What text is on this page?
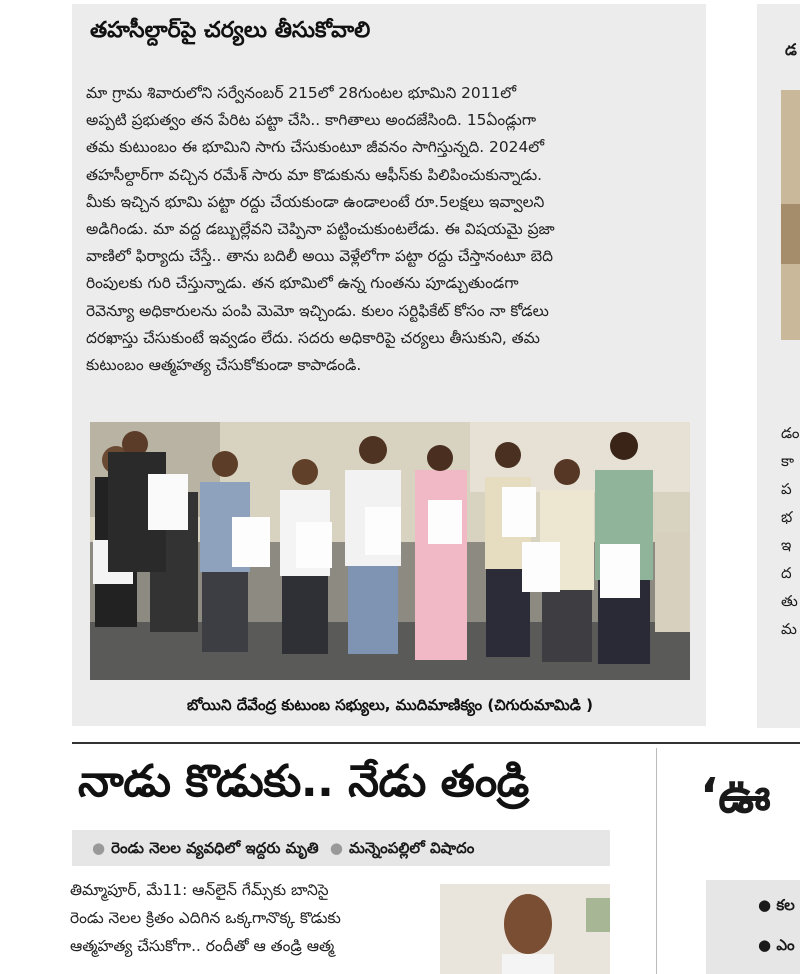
తహసీల్దార్‌పై చర్యలు తీసుకోవాలి
మా గ్రామ శివారులోని సర్వేనంబర్ 215లో 28గుంటల భూమిని 2011లో
అప్పటి ప్రభుత్వం తన పేరిట పట్టా చేసి.. కాగితాలు అందజేసింది. 15ఏండ్లుగా
తమ కుటుంబం ఈ భూమిని సాగు చేసుకుంటూ జీవనం సాగిస్తున్నది. 2024లో
తహసీల్దార్‌గా వచ్చిన రమేశ్ సారు మా కొడుకును ఆఫీస్‌కు పిలిపించుకున్నాడు.
మీకు ఇచ్చిన భూమి పట్టా రద్దు చేయకుండా ఉండాలంటే రూ.5లక్షలు ఇవ్వాలని
అడిగిండు. మా వద్ద డబ్బుల్లేవని చెప్పినా పట్టించుకుంటలేడు. ఈ విషయమై ప్రజా
వాణిలో ఫిర్యాదు చేస్తే.. తాను బదిలీ అయి వెళ్లేలోగా పట్టా రద్దు చేస్తానంటూ బెది
రింపులకు గురి చేస్తున్నాడు. తన భూమిలో ఉన్న గుంతను పూడ్చుతుండగా
రెవెన్యూ అధికారులను పంపి మెమో ఇచ్చిండు. కులం సర్టిఫికేట్ కోసం నా కోడలు
దరఖాస్తు చేసుకుంటే ఇవ్వడం లేదు. సదరు అధికారిపై చర్యలు తీసుకుని, తమ
కుటుంబం ఆత్మహత్య చేసుకోకుండా కాపాడండి.
బోయిని దేవేంద్ర కుటుంబ సభ్యులు, ముదిమాణిక్యం (చిగురుమామిడి )
డ
డం
కా
ప
భ
ఇ
ద
తు
మ
నాడు కొడుకు.. నేడు తండ్రి
● రెండు నెలల వ్యవధిలో ఇద్దరు మృతి ● మన్నెంపల్లిలో విషాదం
తిమ్మాపూర్, మే11: ఆన్‌లైన్ గేమ్స్‌కు బానిసై
రెండు నెలల క్రితం ఎదిగిన ఒక్కగానొక్క కొడుకు
ఆత్మహత్య చేసుకోగా.. రందీతో ఆ తండ్రి ఆత్మ
‘ఊ
● కల
● ఎం
